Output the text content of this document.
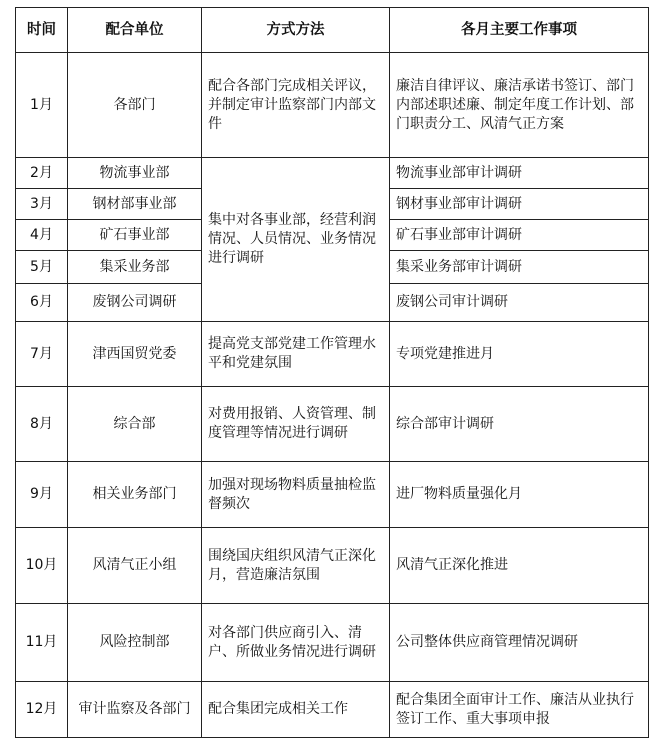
时间	配合单位	方式方法	各月主要工作事项
1月	各部门	配合各部门完成相关评议，并制定审计监察部门内部文件	廉洁自律评议、廉洁承诺书签订、部门内部述职述廉、制定年度工作计划、部门职责分工、风清气正方案
2月	物流事业部	集中对各事业部，经营利润情况、人员情况、业务情况进行调研	物流事业部审计调研
3月	钢材部事业部		钢材事业部审计调研
4月	矿石事业部		矿石事业部审计调研
5月	集采业务部		集采业务部审计调研
6月	废钢公司调研		废钢公司审计调研
7月	津西国贸党委	提高党支部党建工作管理水平和党建氛围	专项党建推进月
8月	综合部	对费用报销、人资管理、制度管理等情况进行调研	综合部审计调研
9月	相关业务部门	加强对现场物料质量抽检监督频次	进厂物料质量强化月
10月	风清气正小组	围绕国庆组织风清气正深化月，营造廉洁氛围	风清气正深化推进
11月	风险控制部	对各部门供应商引入、清户、所做业务情况进行调研	公司整体供应商管理情况调研
12月	审计监察及各部门	配合集团完成相关工作	配合集团全面审计工作、廉洁从业执行签订工作、重大事项申报
